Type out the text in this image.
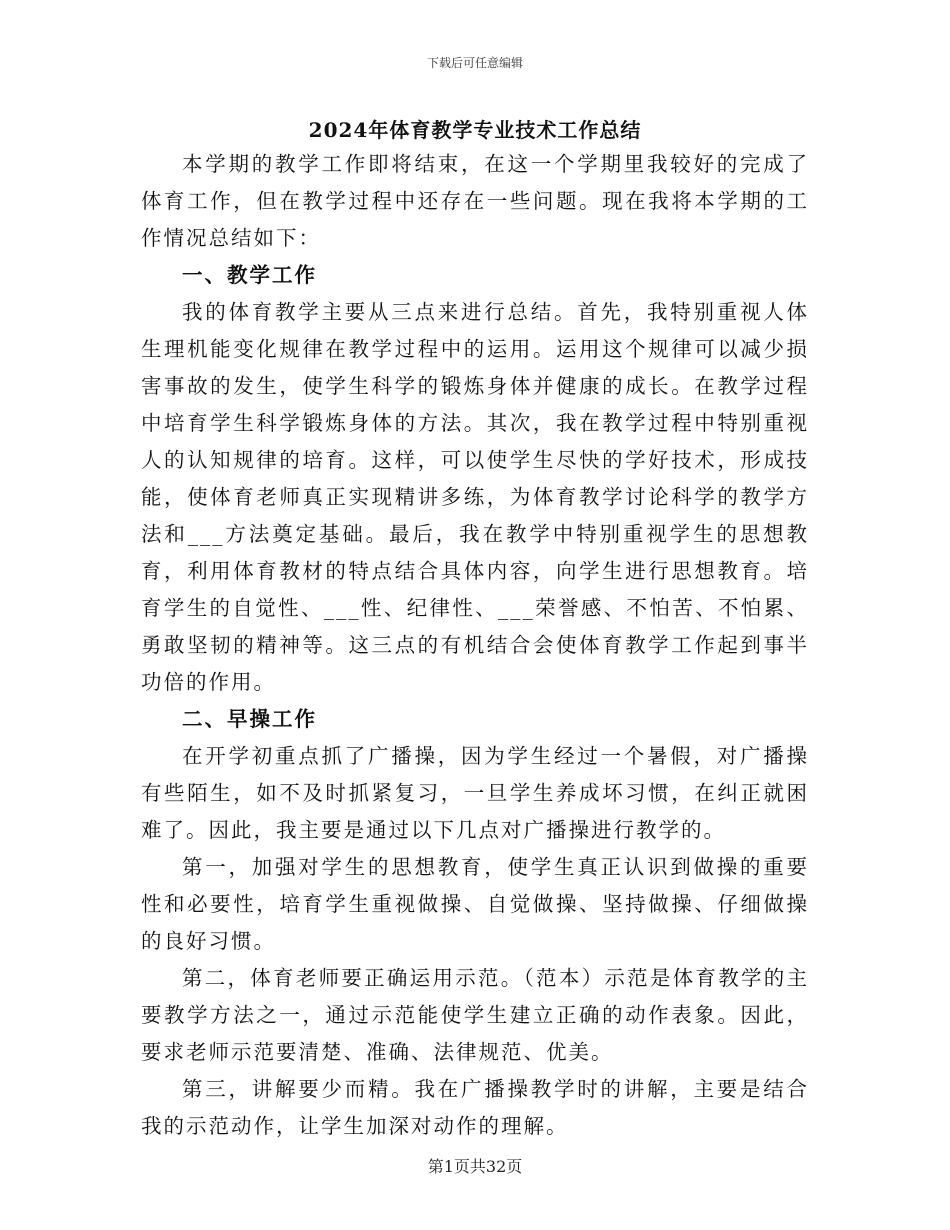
下载后可任意编辑
2024年体育教学专业技术工作总结

本学期的教学工作即将结束，在这一个学期里我较好的完成了体育工作，但在教学过程中还存在一些问题。现在我将本学期的工作情况总结如下：

一、教学工作

我的体育教学主要从三点来进行总结。首先，我特别重视人体生理机能变化规律在教学过程中的运用。运用这个规律可以减少损害事故的发生，使学生科学的锻炼身体并健康的成长。在教学过程中培育学生科学锻炼身体的方法。其次，我在教学过程中特别重视人的认知规律的培育。这样，可以使学生尽快的学好技术，形成技能，使体育老师真正实现精讲多练，为体育教学讨论科学的教学方法和___方法奠定基础。最后，我在教学中特别重视学生的思想教育，利用体育教材的特点结合具体内容，向学生进行思想教育。培育学生的自觉性、___性、纪律性、___荣誉感、不怕苦、不怕累、勇敢坚韧的精神等。这三点的有机结合会使体育教学工作起到事半功倍的作用。

二、早操工作

在开学初重点抓了广播操，因为学生经过一个暑假，对广播操有些陌生，如不及时抓紧复习，一旦学生养成坏习惯，在纠正就困难了。因此，我主要是通过以下几点对广播操进行教学的。

第一，加强对学生的思想教育，使学生真正认识到做操的重要性和必要性，培育学生重视做操、自觉做操、坚持做操、仔细做操的良好习惯。

第二，体育老师要正确运用示范。（范本）示范是体育教学的主要教学方法之一，通过示范能使学生建立正确的动作表象。因此，要求老师示范要清楚、准确、法律规范、优美。

第三，讲解要少而精。我在广播操教学时的讲解，主要是结合我的示范动作，让学生加深对动作的理解。

第1页共32页
